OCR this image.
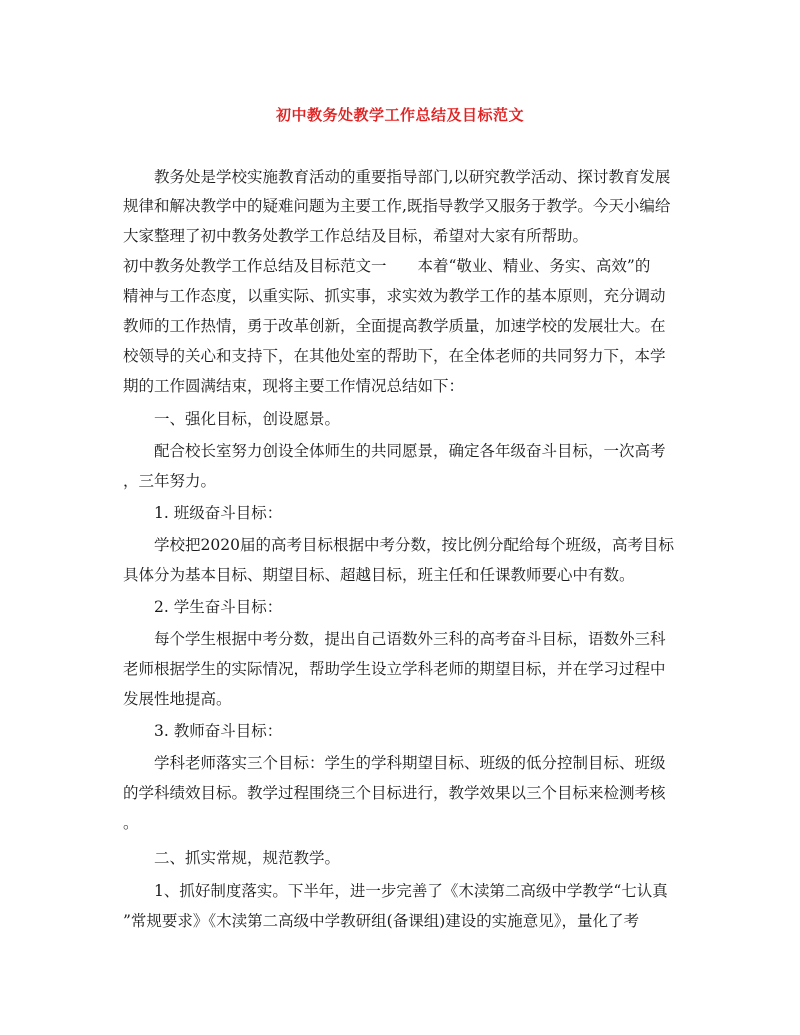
初中教务处教学工作总结及目标范文
教务处是学校实施教育活动的重要指导部门,以研究教学活动、探讨教育发展
规律和解决教学中的疑难问题为主要工作,既指导教学又服务于教学。今天小编给
大家整理了初中教务处教学工作总结及目标，希望对大家有所帮助。
初中教务处教学工作总结及目标范文一　　本着“敬业、精业、务实、高效”的
精神与工作态度，以重实际、抓实事，求实效为教学工作的基本原则，充分调动
教师的工作热情，勇于改革创新，全面提高教学质量，加速学校的发展壮大。在
校领导的关心和支持下，在其他处室的帮助下，在全体老师的共同努力下，本学
期的工作圆满结束，现将主要工作情况总结如下：
一、强化目标，创设愿景。
配合校长室努力创设全体师生的共同愿景，确定各年级奋斗目标，一次高考
，三年努力。
1. 班级奋斗目标：
学校把2020届的高考目标根据中考分数，按比例分配给每个班级，高考目标
具体分为基本目标、期望目标、超越目标，班主任和任课教师要心中有数。
2. 学生奋斗目标：
每个学生根据中考分数，提出自己语数外三科的高考奋斗目标，语数外三科
老师根据学生的实际情况，帮助学生设立学科老师的期望目标，并在学习过程中
发展性地提高。
3. 教师奋斗目标：
学科老师落实三个目标：学生的学科期望目标、班级的低分控制目标、班级
的学科绩效目标。教学过程围绕三个目标进行，教学效果以三个目标来检测考核
。
二、抓实常规，规范教学。
1、抓好制度落实。下半年，进一步完善了《木渎第二高级中学教学“七认真
”常规要求》《木渎第二高级中学教研组(备课组)建设的实施意见》，量化了考
